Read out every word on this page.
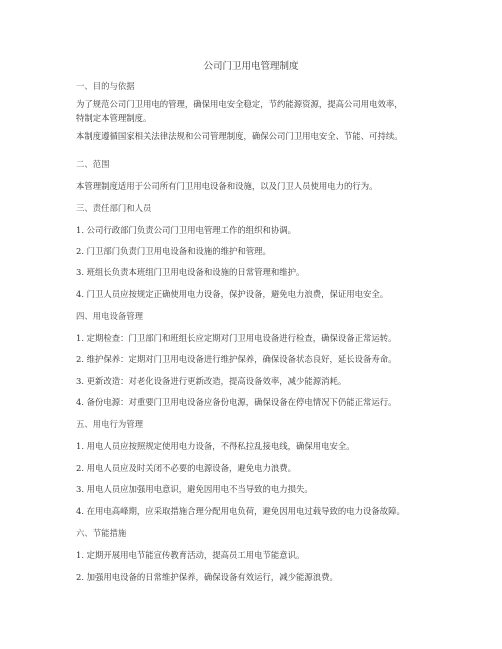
公司门卫用电管理制度
一、目的与依据
为了规范公司门卫用电的管理，确保用电安全稳定，节约能源资源，提高公司用电效率，
特制定本管理制度。
本制度遵循国家相关法律法规和公司管理制度，确保公司门卫用电安全、节能、可持续。
二、范围
本管理制度适用于公司所有门卫用电设备和设施，以及门卫人员使用电力的行为。
三、责任部门和人员
1. 公司行政部门负责公司门卫用电管理工作的组织和协调。
2. 门卫部门负责门卫用电设备和设施的维护和管理。
3. 班组长负责本班组门卫用电设备和设施的日常管理和维护。
4. 门卫人员应按规定正确使用电力设备，保护设备，避免电力浪费，保证用电安全。
四、用电设备管理
1. 定期检查：门卫部门和班组长应定期对门卫用电设备进行检查，确保设备正常运转。
2. 维护保养：定期对门卫用电设备进行维护保养，确保设备状态良好，延长设备寿命。
3. 更新改造：对老化设备进行更新改造，提高设备效率，减少能源消耗。
4. 备份电源：对重要门卫用电设备应备份电源，确保设备在停电情况下仍能正常运行。
五、用电行为管理
1. 用电人员应按照规定使用电力设备，不得私拉乱接电线，确保用电安全。
2. 用电人员应及时关闭不必要的电源设备，避免电力浪费。
3. 用电人员应加强用电意识，避免因用电不当导致的电力损失。
4. 在用电高峰期，应采取措施合理分配用电负荷，避免因用电过载导致的电力设备故障。
六、节能措施
1. 定期开展用电节能宣传教育活动，提高员工用电节能意识。
2. 加强用电设备的日常维护保养，确保设备有效运行，减少能源浪费。
